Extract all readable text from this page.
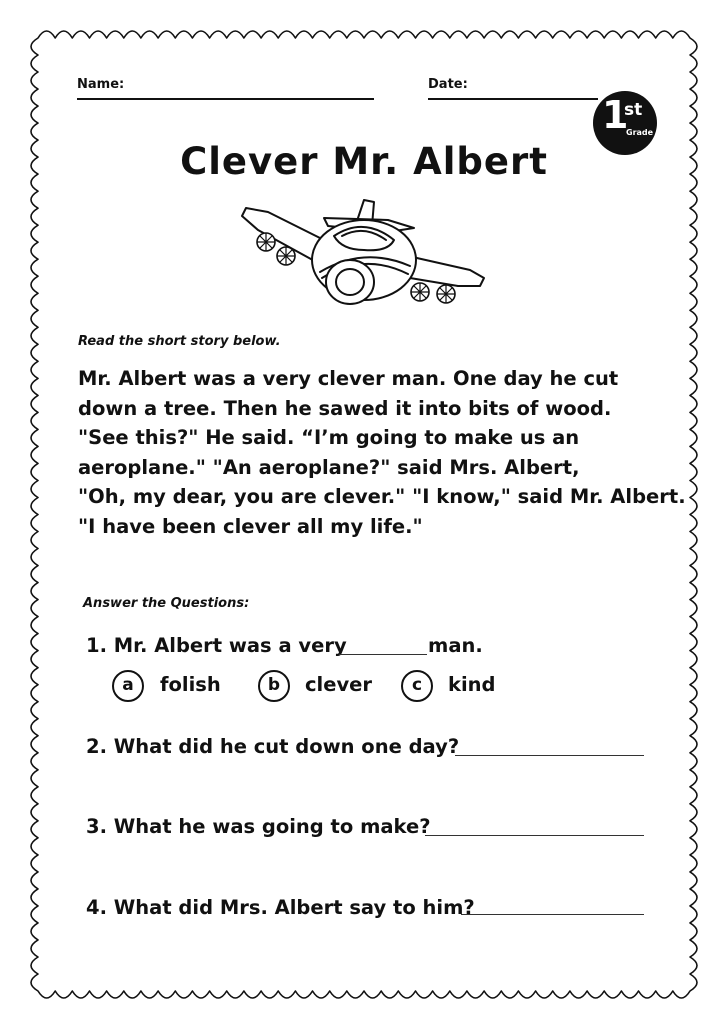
Name:	Date:
1
st
Grade
Clever Mr. Albert
Read the short story below.
Mr. Albert was a very clever man. One day he cut
down a tree. Then he sawed it into bits of wood.
"See this?" He said. “I’m going to make us an
aeroplane." "An aeroplane?" said Mrs. Albert,
"Oh, my dear, you are clever." "I know," said Mr. Albert.
"I have been clever all my life."
Answer the Questions:
1. Mr. Albert was a very	man.
a	folish	b	clever	c	kind
2. What did he cut down one day?
3. What he was going to make?
4. What did Mrs. Albert say to him?
